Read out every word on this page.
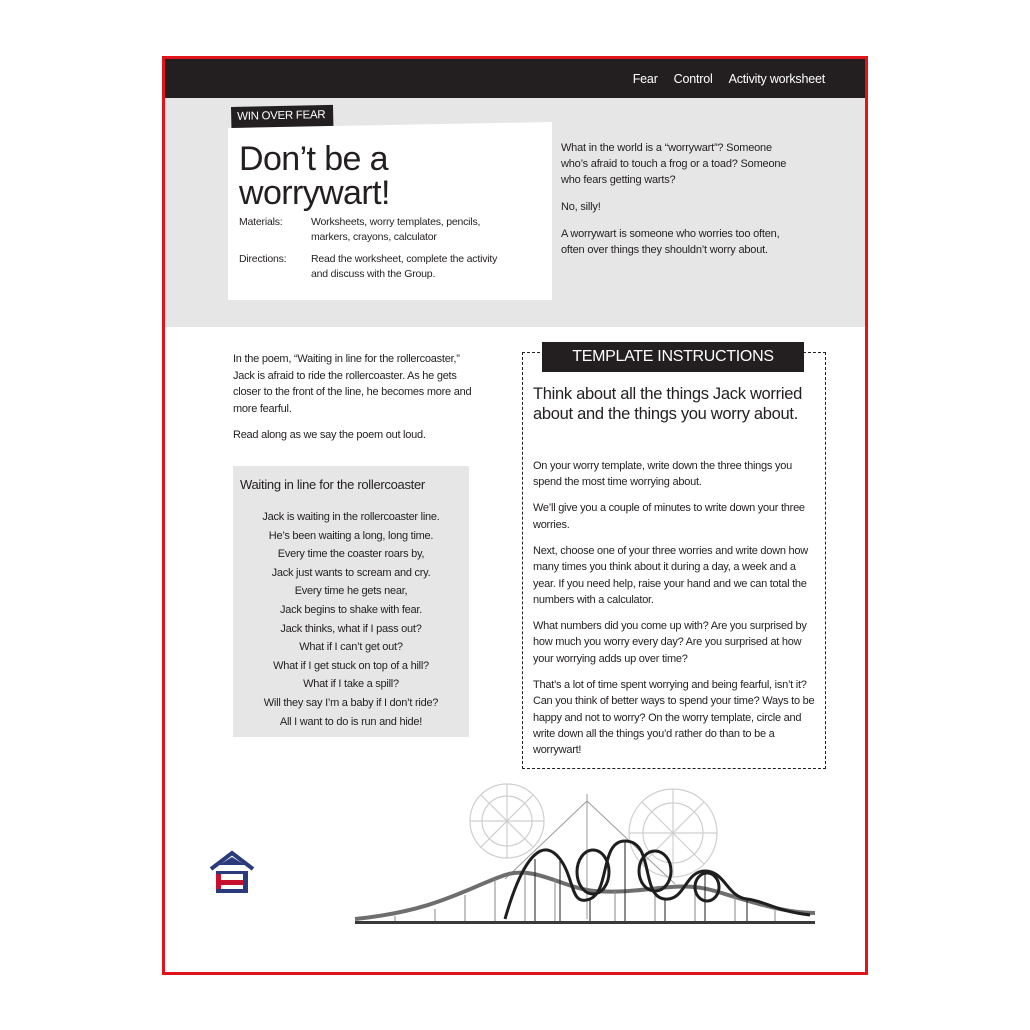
Fear Control Activity worksheet
WIN OVER FEAR
Don’t be a
worrywart!
Materials:	Worksheets, worry templates, pencils, markers, crayons, calculator
Directions:	Read the worksheet, complete the activity and discuss with the Group.

What in the world is a “worrywart”? Someone who’s afraid to touch a frog or a toad? Someone who fears getting warts?

No, silly!

A worrywart is someone who worries too often, often over things they shouldn’t worry about.

In the poem, “Waiting in line for the rollercoaster,” Jack is afraid to ride the rollercoaster. As he gets closer to the front of the line, he becomes more and more fearful.

Read along as we say the poem out loud.

Waiting in line for the rollercoaster
Jack is waiting in the rollercoaster line.
He’s been waiting a long, long time.
Every time the coaster roars by,
Jack just wants to scream and cry.
Every time he gets near,
Jack begins to shake with fear.
Jack thinks, what if I pass out?
What if I can’t get out?
What if I get stuck on top of a hill?
What if I take a spill?
Will they say I’m a baby if I don’t ride?
All I want to do is run and hide!
TEMPLATE INSTRUCTIONS
Think about all the things Jack worried about and the things you worry about.

On your worry template, write down the three things you spend the most time worrying about.

We’ll give you a couple of minutes to write down your three worries.

Next, choose one of your three worries and write down how many times you think about it during a day, a week and a year. If you need help, raise your hand and we can total the numbers with a calculator.

What numbers did you come up with? Are you surprised by how much you worry every day? Are you surprised at how your worrying adds up over time?

That’s a lot of time spent worrying and being fearful, isn’t it? Can you think of better ways to spend your time? Ways to be happy and not to worry? On the worry template, circle and write down all the things you’d rather do than to be a worrywart!
